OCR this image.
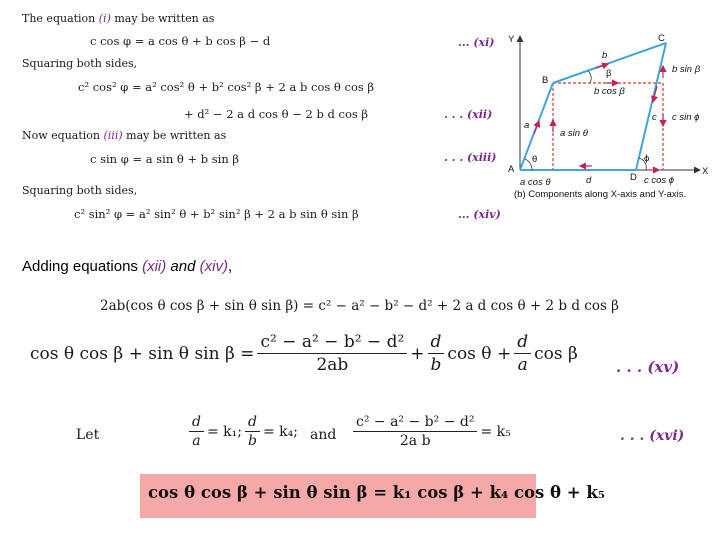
The equation (i) may be written as
c cos φ = a cos θ + b cos β − d	... (xi)
Squaring both sides,
c² cos² φ = a² cos² θ + b² cos² β + 2 a b cos θ cos β
+ d² − 2 a d cos θ − 2 b d cos β	. . . (xii)
Now equation (iii) may be written as
c sin φ = a sin θ + b sin β	. . . (xiii)
Squaring both sides,
c² sin² φ = a² sin² θ + b² sin² β + 2 a b sin θ sin β	... (xiv)
Y
X
A
B
C
D
a
b
c
d
b sin β
b cos β
a sin θ
c sin ϕ
a cos θ	c cos ϕ
θ
β
ϕ
(b) Components along X-axis and Y-axis.
Adding equations (xii) and (xiv),
2ab(cos θ cos β + sin θ sin β) = c² − a² − b² − d² + 2 a d cos θ + 2 b d cos β
cos θ cos β + sin θ $\sin \beta = \frac{\text{c² − a² − b² − d²}}{2ab} + \frac{d}{b}$ $\cos \theta + \frac{d}{a}$ cos β
. . . (xv)
Let	$\frac{d}{a} = k_1$; $\frac{d}{b} = k_4$; and $\frac{\text{c² − a² − b² − d²}}{\text{2a b}} = k_5$	. . . (xvi)
cos θ cos β + sin θ sin β = k₁ cos β + k₄ cos θ + k₅
